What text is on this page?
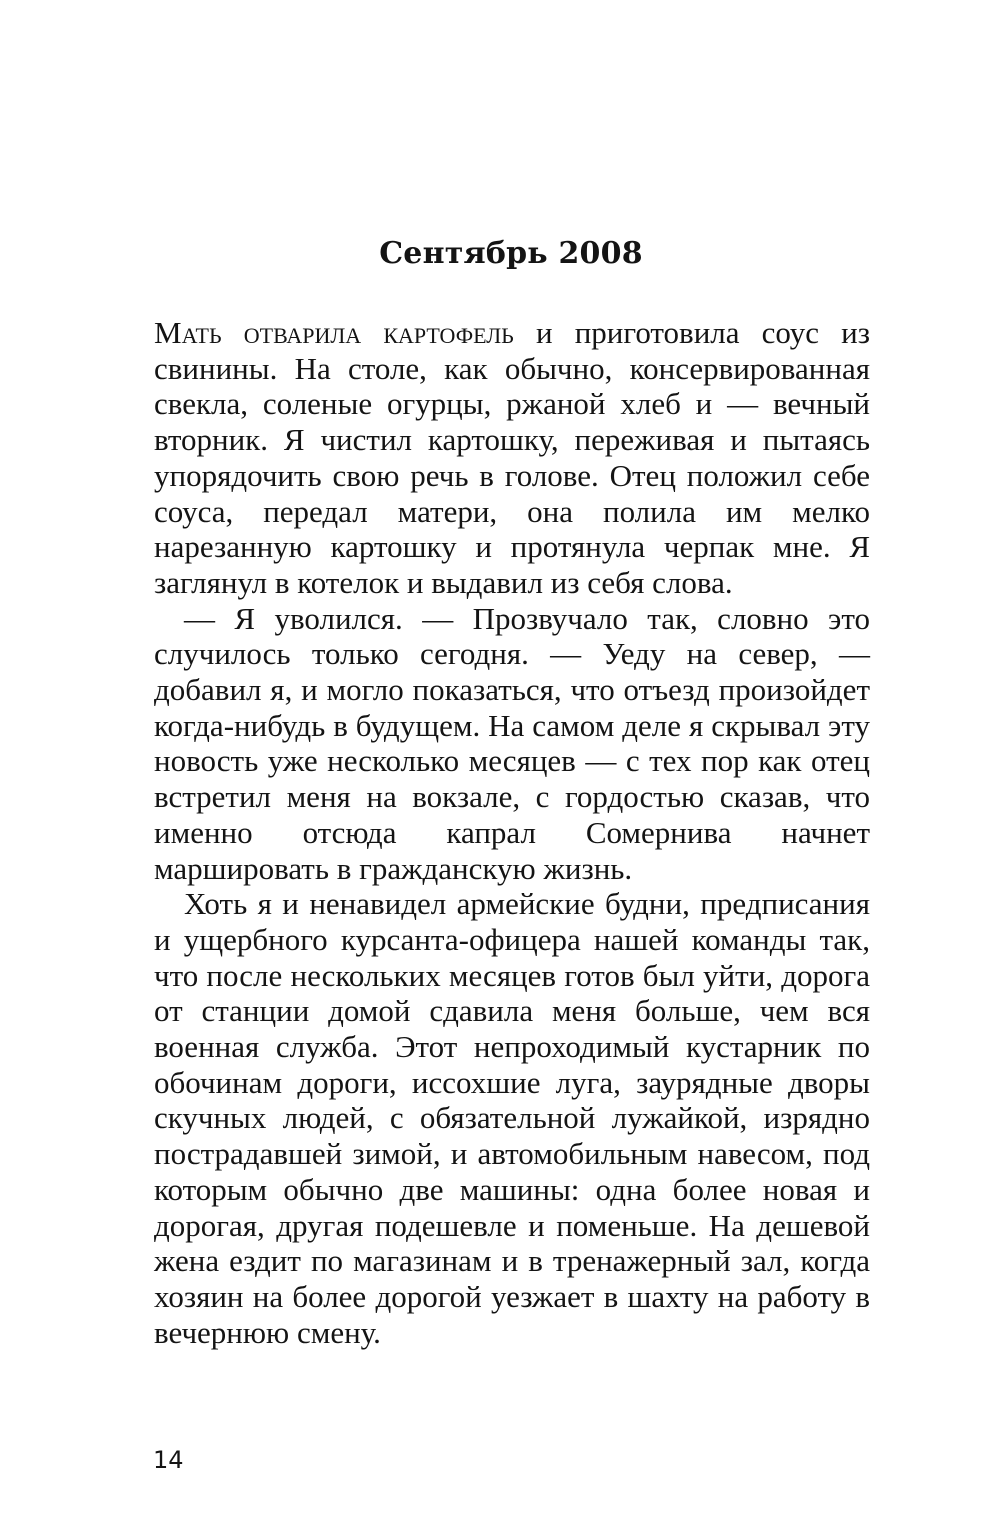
Сентябрь 2008

Мать отварила картофель и приготовила соус из свинины. На столе, как обычно, консервированная свекла, соленые огурцы, ржаной хлеб и — вечный вторник. Я чистил картошку, переживая и пытаясь упорядочить свою речь в голове. Отец положил себе соуса, передал матери, она полила им мелко нарезанную картошку и протянула черпак мне. Я заглянул в котелок и выдавил из себя слова.

— Я уволился. — Прозвучало так, словно это случилось только сегодня. — Уеду на север, — добавил я, и могло показаться, что отъезд произойдет когда-нибудь в будущем. На самом деле я скрывал эту новость уже несколько месяцев — с тех пор как отец встретил меня на вокзале, с гордостью сказав, что именно отсюда капрал Сомернива начнет маршировать в гражданскую жизнь.

Хоть я и ненавидел армейские будни, предписания и ущербного курсанта-офицера нашей команды так, что после нескольких месяцев готов был уйти, дорога от станции домой сдавила меня больше, чем вся военная служба. Этот непроходимый кустарник по обочинам дороги, иссохшие луга, заурядные дворы скучных людей, с обязательной лужайкой, изрядно пострадавшей зимой, и автомобильным навесом, под которым обычно две машины: одна более новая и дорогая, другая подешевле и поменьше. На дешевой жена ездит по магазинам и в тренажерный зал, когда хозяин на более дорогой уезжает в шахту на работу в вечернюю смену.

14
